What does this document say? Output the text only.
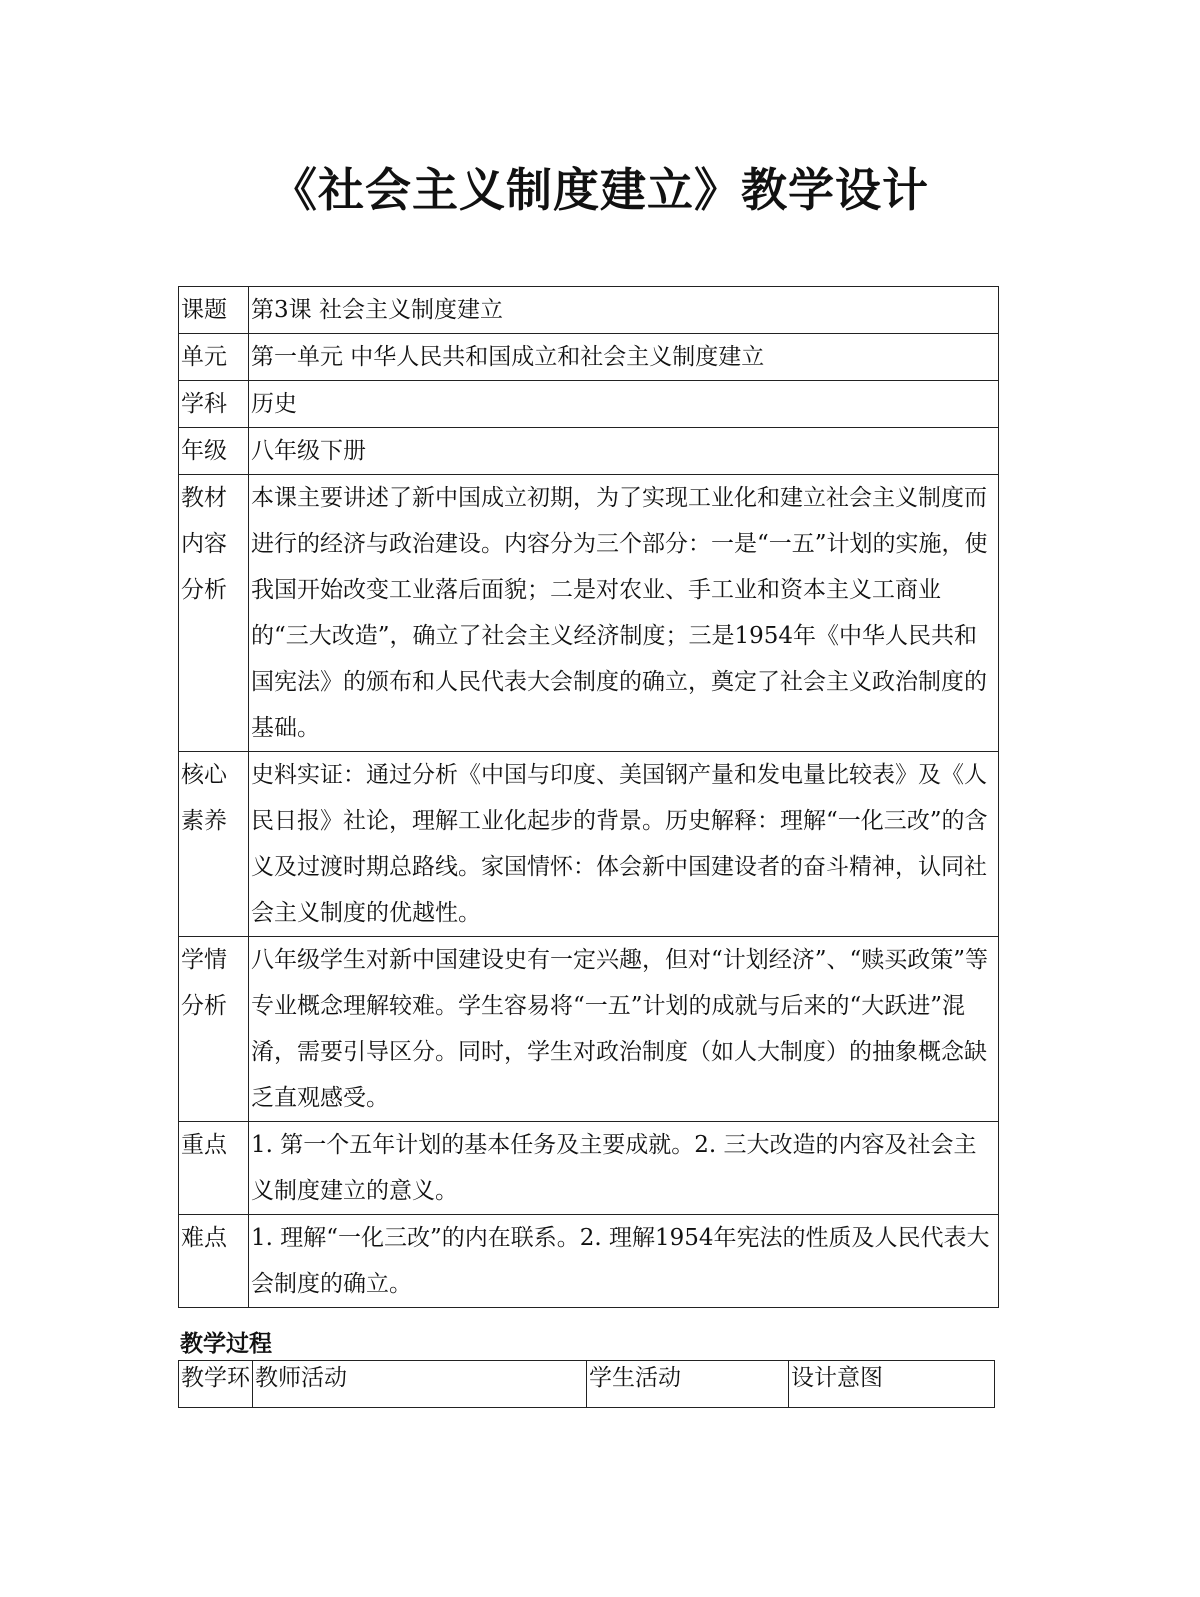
《社会主义制度建立》教学设计
课题	第3课 社会主义制度建立
单元	第一单元 中华人民共和国成立和社会主义制度建立
学科	历史
年级	八年级下册
教材内容分析	本课主要讲述了新中国成立初期，为了实现工业化和建立社会主义制度而进行的经济与政治建设。内容分为三个部分：一是“一五”计划的实施，使我国开始改变工业落后面貌；二是对农业、手工业和资本主义工商业的“三大改造”，确立了社会主义经济制度；三是1954年《中华人民共和国宪法》的颁布和人民代表大会制度的确立，奠定了社会主义政治制度的基础。
核心素养	史料实证：通过分析《中国与印度、美国钢产量和发电量比较表》及《人民日报》社论，理解工业化起步的背景。历史解释：理解“一化三改”的含义及过渡时期总路线。家国情怀：体会新中国建设者的奋斗精神，认同社会主义制度的优越性。
学情分析	八年级学生对新中国建设史有一定兴趣，但对“计划经济”、“赎买政策”等专业概念理解较难。学生容易将“一五”计划的成就与后来的“大跃进”混淆，需要引导区分。同时，学生对政治制度（如人大制度）的抽象概念缺乏直观感受。
重点	1. 第一个五年计划的基本任务及主要成就。2. 三大改造的内容及社会主义制度建立的意义。
难点	1. 理解“一化三改”的内在联系。2. 理解1954年宪法的性质及人民代表大会制度的确立。
教学过程
教学环	教师活动	学生活动	设计意图
